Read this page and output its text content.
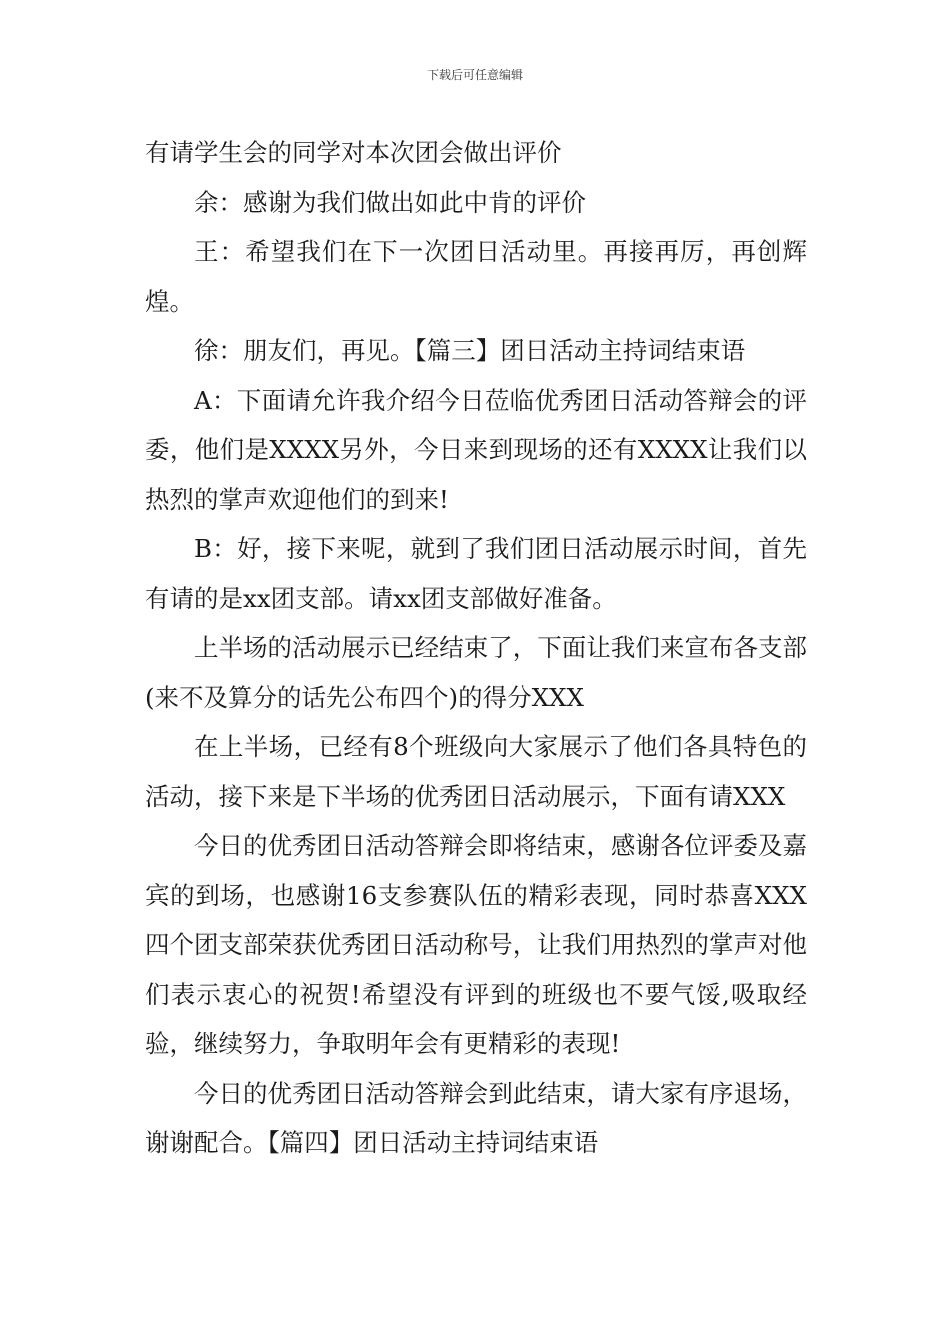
下载后可任意编辑

有请学生会的同学对本次团会做出评价

余：感谢为我们做出如此中肯的评价

王：希望我们在下一次团日活动里。再接再厉，再创辉煌。

徐：朋友们，再见。【篇三】团日活动主持词结束语

A：下面请允许我介绍今日莅临优秀团日活动答辩会的评委，他们是XXXX另外，今日来到现场的还有XXXX让我们以热烈的掌声欢迎他们的到来!

B：好，接下来呢，就到了我们团日活动展示时间，首先有请的是xx团支部。请xx团支部做好准备。

上半场的活动展示已经结束了，下面让我们来宣布各支部(来不及算分的话先公布四个)的得分XXX

在上半场，已经有8个班级向大家展示了他们各具特色的活动，接下来是下半场的优秀团日活动展示，下面有请XXX

今日的优秀团日活动答辩会即将结束，感谢各位评委及嘉宾的到场，也感谢16支参赛队伍的精彩表现，同时恭喜XXX四个团支部荣获优秀团日活动称号，让我们用热烈的掌声对他们表示衷心的祝贺!希望没有评到的班级也不要气馁,吸取经验，继续努力，争取明年会有更精彩的表现!

今日的优秀团日活动答辩会到此结束，请大家有序退场，谢谢配合。【篇四】团日活动主持词结束语
